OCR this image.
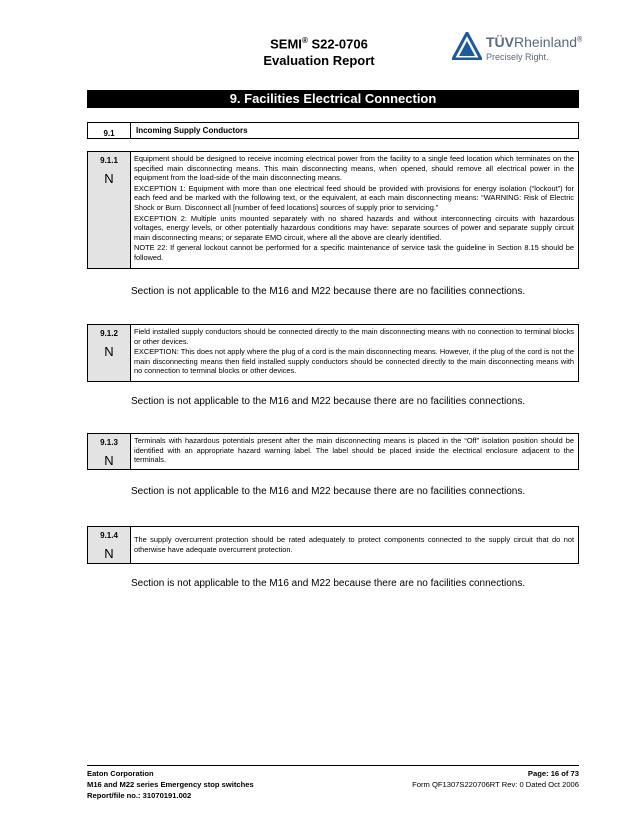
SEMI® S22-0706
Evaluation Report
TÜVRheinland®
Precisely Right.
9. Facilities Electrical Connection
9.1	Incoming Supply Conductors
9.1.1
N

Equipment should be designed to receive incoming electrical power from the facility to a single feed location which terminates on the specified main disconnecting means. This main disconnecting means, when opened, should remove all electrical power in the equipment from the load-side of the main disconnecting means.

EXCEPTION 1: Equipment with more than one electrical feed should be provided with provisions for energy isolation (“lockout”) for each feed and be marked with the following text, or the equivalent, at each main disconnecting means: “WARNING: Risk of Electric Shock or Burn. Disconnect all [number of feed locations] sources of supply prior to servicing.”

EXCEPTION 2: Multiple units mounted separately with no shared hazards and without interconnecting circuits with hazardous voltages, energy levels, or other potentially hazardous conditions may have: separate sources of power and separate supply circuit main disconnecting means; or separate EMO circuit, where all the above are clearly identified.

NOTE 22: If general lockout cannot be performed for a specific maintenance of service task the guideline in Section 8.15 should be followed.

Section is not applicable to the M16 and M22 because there are no facilities connections.
9.1.2
N

Field installed supply conductors should be connected directly to the main disconnecting means with no connection to terminal blocks or other devices.

EXCEPTION: This does not apply where the plug of a cord is the main disconnecting means. However, if the plug of the cord is not the main disconnecting means then field installed supply conductors should be connected directly to the main disconnecting means with no connection to terminal blocks or other devices.

Section is not applicable to the M16 and M22 because there are no facilities connections.
9.1.3
N

Terminals with hazardous potentials present after the main disconnecting means is placed in the “Off” isolation position should be identified with an appropriate hazard warning label. The label should be placed inside the electrical enclosure adjacent to the terminals.

Section is not applicable to the M16 and M22 because there are no facilities connections.
9.1.4
N

The supply overcurrent protection should be rated adequately to protect components connected to the supply circuit that do not otherwise have adequate overcurrent protection.

Section is not applicable to the M16 and M22 because there are no facilities connections.
Eaton Corporation
M16 and M22 series Emergency stop switches
Report/file no.: 31070191.002
Page: 16 of 73
Form QF1307S220706RT Rev: 0 Dated Oct 2006
